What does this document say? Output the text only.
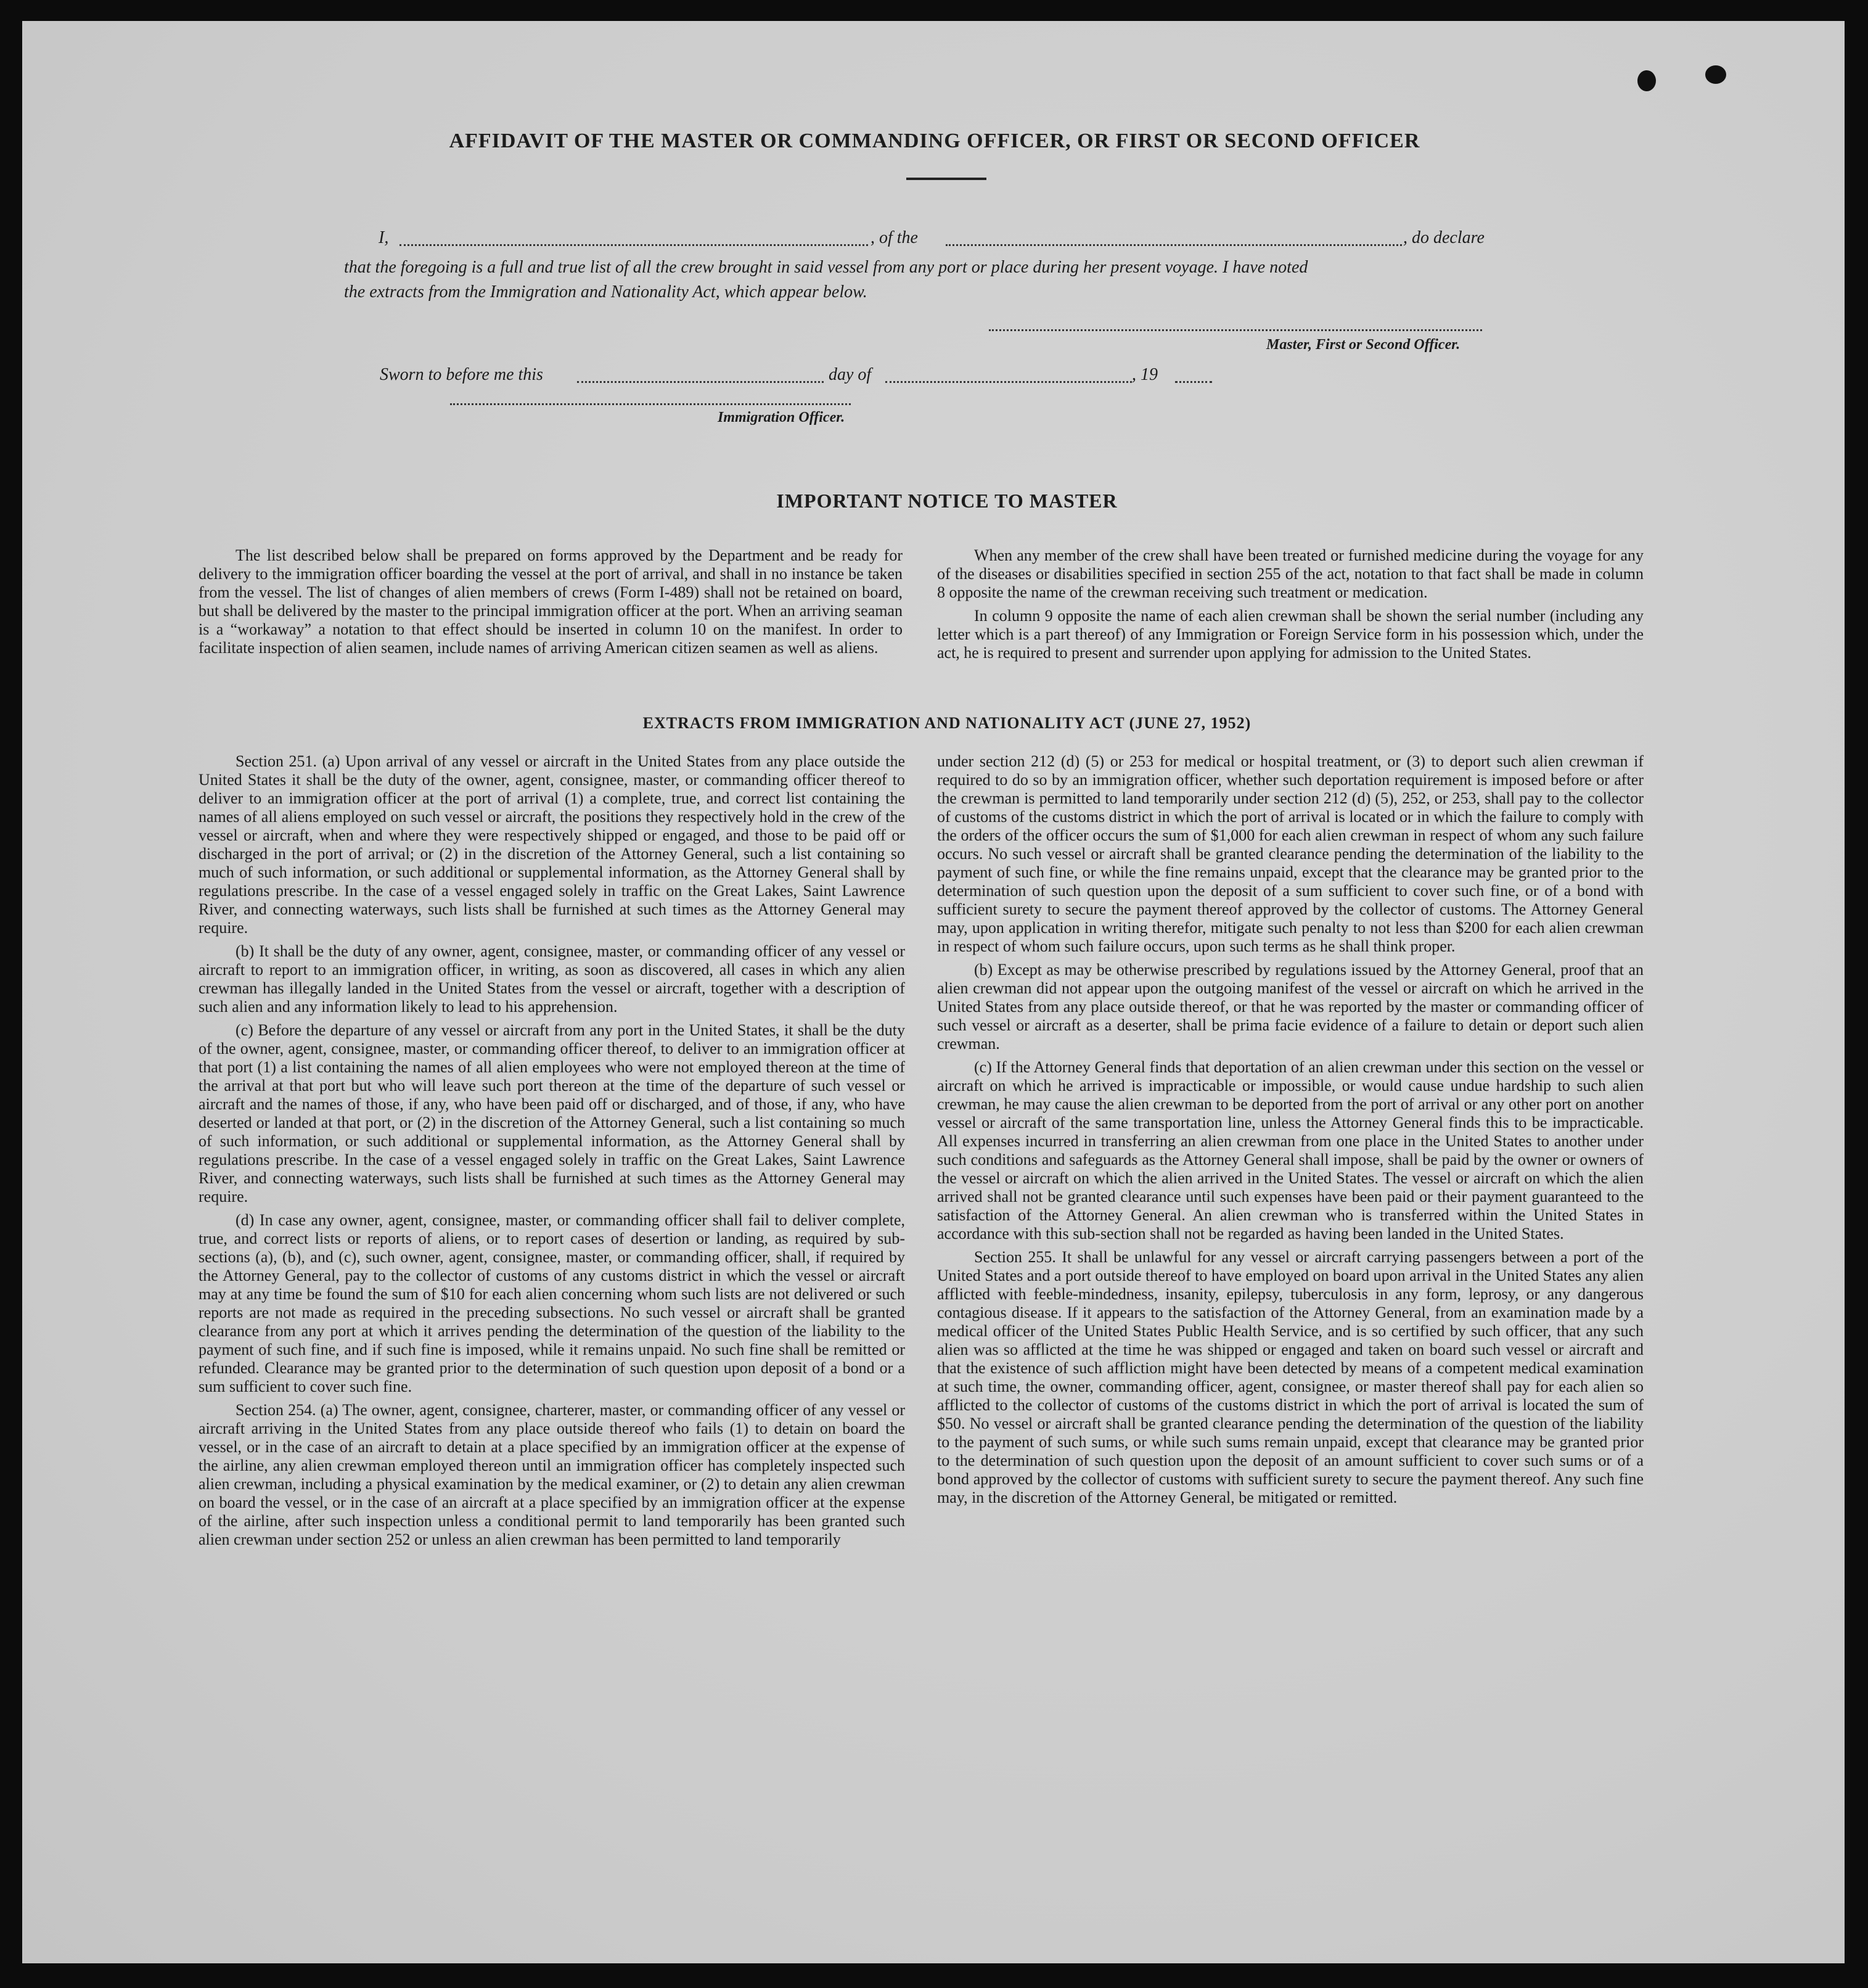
AFFIDAVIT OF THE MASTER OR COMMANDING OFFICER, OR FIRST OR SECOND OFFICER
I,	, of the	, do declare
that the foregoing is a full and true list of all the crew brought in said vessel from any port or place during her present voyage. I have noted
the extracts from the Immigration and Nationality Act, which appear below.
Master, First or Second Officer.
Sworn to before me this	day of	, 19
Immigration Officer.
IMPORTANT NOTICE TO MASTER

The list described below shall be prepared on forms approved by the Department and be ready for delivery to the immigration officer boarding the vessel at the port of arrival, and shall in no instance be taken from the vessel. The list of changes of alien members of crews (Form I-489) shall not be retained on board, but shall be delivered by the master to the principal immigration officer at the port. When an arriving seaman is a “workaway” a notation to that effect should be inserted in column 10 on the manifest. In order to facilitate inspection of alien seamen, include names of arriving American citizen seamen as well as aliens.

When any member of the crew shall have been treated or furnished medicine during the voyage for any of the diseases or disabilities specified in section 255 of the act, notation to that fact shall be made in column 8 opposite the name of the crewman receiving such treatment or medication.

In column 9 opposite the name of each alien crewman shall be shown the serial number (including any letter which is a part thereof) of any Immigration or Foreign Service form in his possession which, under the act, he is required to present and surrender upon applying for admission to the United States.

EXTRACTS FROM IMMIGRATION AND NATIONALITY ACT (JUNE 27, 1952)

Section 251. (a) Upon arrival of any vessel or aircraft in the United States from any place outside the United States it shall be the duty of the owner, agent, consignee, master, or commanding officer thereof to deliver to an immigration officer at the port of arrival (1) a complete, true, and correct list containing the names of all aliens employed on such vessel or aircraft, the positions they respectively hold in the crew of the vessel or aircraft, when and where they were respectively shipped or engaged, and those to be paid off or discharged in the port of arrival; or (2) in the discretion of the Attorney General, such a list containing so much of such information, or such additional or supplemental information, as the Attorney General shall by regulations prescribe. In the case of a vessel engaged solely in traffic on the Great Lakes, Saint Lawrence River, and connecting waterways, such lists shall be furnished at such times as the Attorney General may require.

(b) It shall be the duty of any owner, agent, consignee, master, or commanding officer of any vessel or aircraft to report to an immigration officer, in writing, as soon as discovered, all cases in which any alien crewman has illegally landed in the United States from the vessel or aircraft, together with a description of such alien and any information likely to lead to his apprehension.

(c) Before the departure of any vessel or aircraft from any port in the United States, it shall be the duty of the owner, agent, consignee, master, or commanding officer thereof, to deliver to an immigration officer at that port (1) a list containing the names of all alien employees who were not employed thereon at the time of the arrival at that port but who will leave such port thereon at the time of the departure of such vessel or aircraft and the names of those, if any, who have been paid off or discharged, and of those, if any, who have deserted or landed at that port, or (2) in the discretion of the Attorney General, such a list containing so much of such information, or such additional or supplemental information, as the Attorney General shall by regulations prescribe. In the case of a vessel engaged solely in traffic on the Great Lakes, Saint Lawrence River, and connecting waterways, such lists shall be furnished at such times as the Attorney General may require.

(d) In case any owner, agent, consignee, master, or commanding officer shall fail to deliver complete, true, and correct lists or reports of aliens, or to report cases of desertion or landing, as required by sub-sections (a), (b), and (c), such owner, agent, consignee, master, or commanding officer, shall, if required by the Attorney General, pay to the collector of customs of any customs district in which the vessel or aircraft may at any time be found the sum of $10 for each alien concerning whom such lists are not delivered or such reports are not made as required in the preceding subsections. No such vessel or aircraft shall be granted clearance from any port at which it arrives pending the determination of the question of the liability to the payment of such fine, and if such fine is imposed, while it remains unpaid. No such fine shall be remitted or refunded. Clearance may be granted prior to the determination of such question upon deposit of a bond or a sum sufficient to cover such fine.

Section 254. (a) The owner, agent, consignee, charterer, master, or commanding officer of any vessel or aircraft arriving in the United States from any place outside thereof who fails (1) to detain on board the vessel, or in the case of an aircraft to detain at a place specified by an immigration officer at the expense of the airline, any alien crewman employed thereon until an immigration officer has completely inspected such alien crewman, including a physical examination by the medical examiner, or (2) to detain any alien crewman on board the vessel, or in the case of an aircraft at a place specified by an immigration officer at the expense of the airline, after such inspection unless a conditional permit to land temporarily has been granted such alien crewman under section 252 or unless an alien crewman has been permitted to land temporarily

under section 212 (d) (5) or 253 for medical or hospital treatment, or (3) to deport such alien crewman if required to do so by an immigration officer, whether such deportation requirement is imposed before or after the crewman is permitted to land temporarily under section 212 (d) (5), 252, or 253, shall pay to the collector of customs of the customs district in which the port of arrival is located or in which the failure to comply with the orders of the officer occurs the sum of $1,000 for each alien crewman in respect of whom any such failure occurs. No such vessel or aircraft shall be granted clearance pending the determination of the liability to the payment of such fine, or while the fine remains unpaid, except that the clearance may be granted prior to the determination of such question upon the deposit of a sum sufficient to cover such fine, or of a bond with sufficient surety to secure the payment thereof approved by the collector of customs. The Attorney General may, upon application in writing therefor, mitigate such penalty to not less than $200 for each alien crewman in respect of whom such failure occurs, upon such terms as he shall think proper.

(b) Except as may be otherwise prescribed by regulations issued by the Attorney General, proof that an alien crewman did not appear upon the outgoing manifest of the vessel or aircraft on which he arrived in the United States from any place outside thereof, or that he was reported by the master or commanding officer of such vessel or aircraft as a deserter, shall be prima facie evidence of a failure to detain or deport such alien crewman.

(c) If the Attorney General finds that deportation of an alien crewman under this section on the vessel or aircraft on which he arrived is impracticable or impossible, or would cause undue hardship to such alien crewman, he may cause the alien crewman to be deported from the port of arrival or any other port on another vessel or aircraft of the same transportation line, unless the Attorney General finds this to be impracticable. All expenses incurred in transferring an alien crewman from one place in the United States to another under such conditions and safeguards as the Attorney General shall impose, shall be paid by the owner or owners of the vessel or aircraft on which the alien arrived in the United States. The vessel or aircraft on which the alien arrived shall not be granted clearance until such expenses have been paid or their payment guaranteed to the satisfaction of the Attorney General. An alien crewman who is transferred within the United States in accordance with this sub-section shall not be regarded as having been landed in the United States.

Section 255. It shall be unlawful for any vessel or aircraft carrying passengers between a port of the United States and a port outside thereof to have employed on board upon arrival in the United States any alien afflicted with feeble-mindedness, insanity, epilepsy, tuberculosis in any form, leprosy, or any dangerous contagious disease. If it appears to the satisfaction of the Attorney General, from an examination made by a medical officer of the United States Public Health Service, and is so certified by such officer, that any such alien was so afflicted at the time he was shipped or engaged and taken on board such vessel or aircraft and that the existence of such affliction might have been detected by means of a competent medical examination at such time, the owner, commanding officer, agent, consignee, or master thereof shall pay for each alien so afflicted to the collector of customs of the customs district in which the port of arrival is located the sum of $50. No vessel or aircraft shall be granted clearance pending the determination of the question of the liability to the payment of such sums, or while such sums remain unpaid, except that clearance may be granted prior to the determination of such question upon the deposit of an amount sufficient to cover such sums or of a bond approved by the collector of customs with sufficient surety to secure the payment thereof. Any such fine may, in the discretion of the Attorney General, be mitigated or remitted.
